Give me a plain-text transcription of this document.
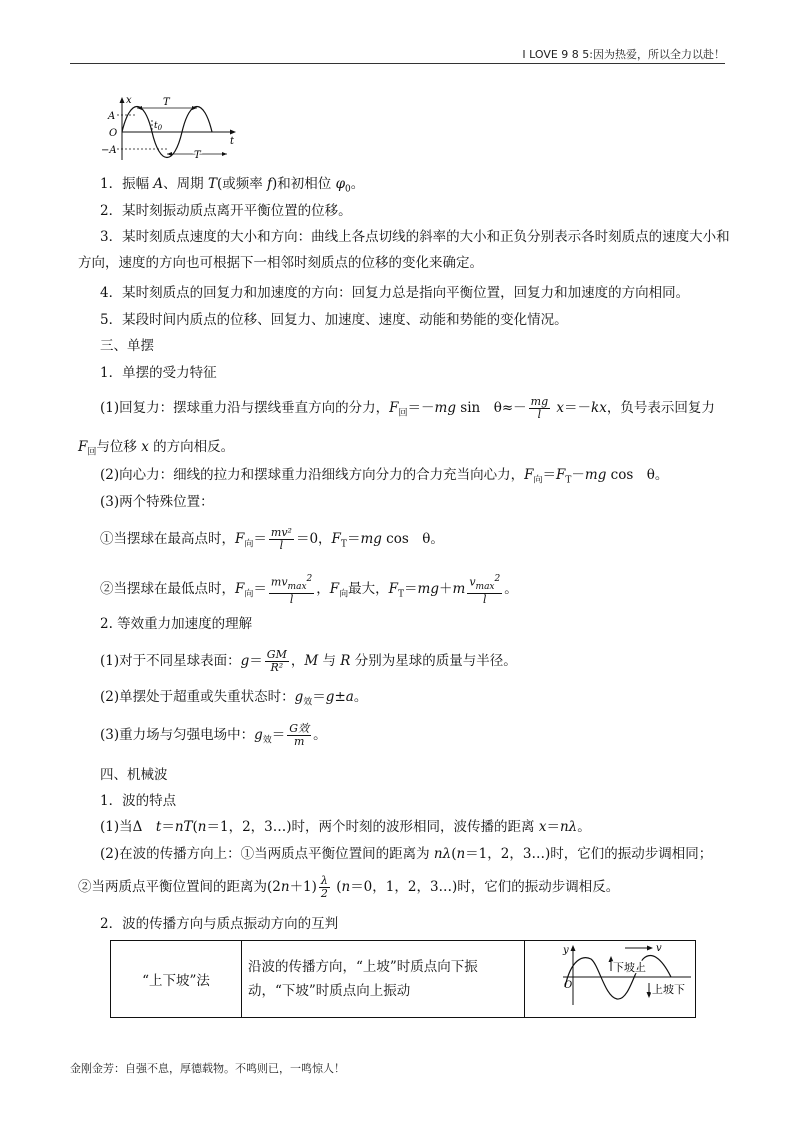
I LOVE 9 8 5:因为热爱，所以全力以赴！
x
t
A
O
−A
T
T
$t_0$
1．振幅 A、周期 T(或频率 f)和初相位 $\varphi_0$。
2．某时刻振动质点离开平衡位置的位移。
3．某时刻质点速度的大小和方向：曲线上各点切线的斜率的大小和正负分别表示各时刻质点的速度大小和方向，速度的方向也可根据下一相邻时刻质点的位移的变化来确定。
4．某时刻质点的回复力和加速度的方向：回复力总是指向平衡位置，回复力和加速度的方向相同。
5．某段时间内质点的位移、回复力、加速度、速度、动能和势能的变化情况。
三、单摆
1．单摆的受力特征
(1)回复力：摆球重力沿与摆线垂直方向的分力，$F_回=-mg$ sin　$\theta\approx- \frac{mg}{l} x=-kx$，负号表示回复力
$F_回$与位移 x 的方向相反。
(2)向心力：细线的拉力和摆球重力沿细线方向分力的合力充当向心力，$F_向=F_T-mg$ cos　θ。
(3)两个特殊位置：
①当摆球在最高点时，$F_向= \frac{\text{mv²}}{l} =0$，$F_T=mg$ cos　θ。
②当摆球在最低点时，$F_向= \frac{mv_{max}^2}{l}$ ，$F_向$最大，$F_T=mg+m \frac{v_{max}^2}{l}$ 。
2. 等效重力加速度的理解
(1)对于不同星球表面：$g= \frac{GM}{\text{R²}}$ ，M 与 R 分别为星球的质量与半径。
(2)单摆处于超重或失重状态时：$g_效=g\pm a$。
(3)重力场与匀强电场中：$g_效= \frac{\text{G效}}{m}$ 。
四、机械波
1．波的特点
(1)当Δ　t＝nT(n＝1，2，3…)时，两个时刻的波形相同，波传播的距离 x＝nλ。
(2)在波的传播方向上：①当两质点平衡位置间的距离为 nλ(n＝1，2，3…)时，它们的振动步调相同；
②当两质点平衡位置间的距离为$(2n+1) \frac{\lambda}{2} (n=0$，1，2，3…)时，它们的振动步调相反。
2．波的传播方向与质点振动方向的互判
“上下坡”法	沿波的传播方向，“上坡”时质点向下振动，“下坡”时质点向上振动	
y	v
O
下坡上
上坡下
金刚金芳：自强不息，厚德载物。不鸣则已，一鸣惊人！
